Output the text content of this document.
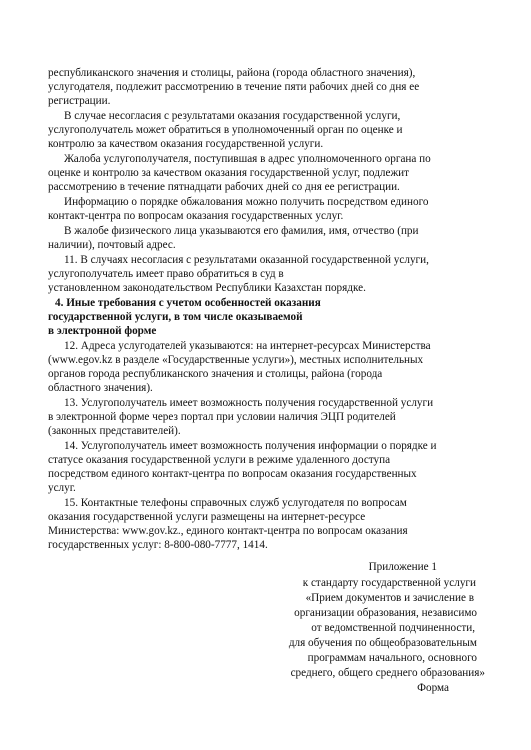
республиканского значения и столицы, района (города областного значения),
услугодателя, подлежит рассмотрению в течение пяти рабочих дней со дня ее
регистрации.
В случае несогласия с результатами оказания государственной услуги,
услугополучатель может обратиться в уполномоченный орган по оценке и
контролю за качеством оказания государственной услуги.
Жалоба услугополучателя, поступившая в адрес уполномоченного органа по
оценке и контролю за качеством оказания государственной услуг, подлежит
рассмотрению в течение пятнадцати рабочих дней со дня ее регистрации.
Информацию о порядке обжалования можно получить посредством единого
контакт-центра по вопросам оказания государственных услуг.
В жалобе физического лица указываются его фамилия, имя, отчество (при
наличии), почтовый адрес.
11. В случаях несогласия с результатами оказанной государственной услуги,
услугополучатель имеет право обратиться в суд в
установленном законодательством Республики Казахстан порядке.
4. Иные требования с учетом особенностей оказания
государственной услуги, в том числе оказываемой
в электронной форме
12. Адреса услугодателей указываются: на интернет-ресурсах Министерства
(www.egov.kz в разделе «Государственные услуги»), местных исполнительных
органов города республиканского значения и столицы, района (города
областного значения).
13. Услугополучатель имеет возможность получения государственной услуги
в электронной форме через портал при условии наличия ЭЦП родителей
(законных представителей).
14. Услугополучатель имеет возможность получения информации о порядке и
статусе оказания государственной услуги в режиме удаленного доступа
посредством единого контакт-центра по вопросам оказания государственных
услуг.
15. Контактные телефоны справочных служб услугодателя по вопросам
оказания государственной услуги размещены на интернет-ресурсе
Министерства: www.gov.kz., единого контакт-центра по вопросам оказания
государственных услуг: 8-800-080-7777, 1414.
Приложение 1
к стандарту государственной услуги
«Прием документов и зачисление в
организации образования, независимо
от ведомственной подчиненности,
для обучения по общеобразовательным
программам начального, основного
среднего, общего среднего образования»
Форма
